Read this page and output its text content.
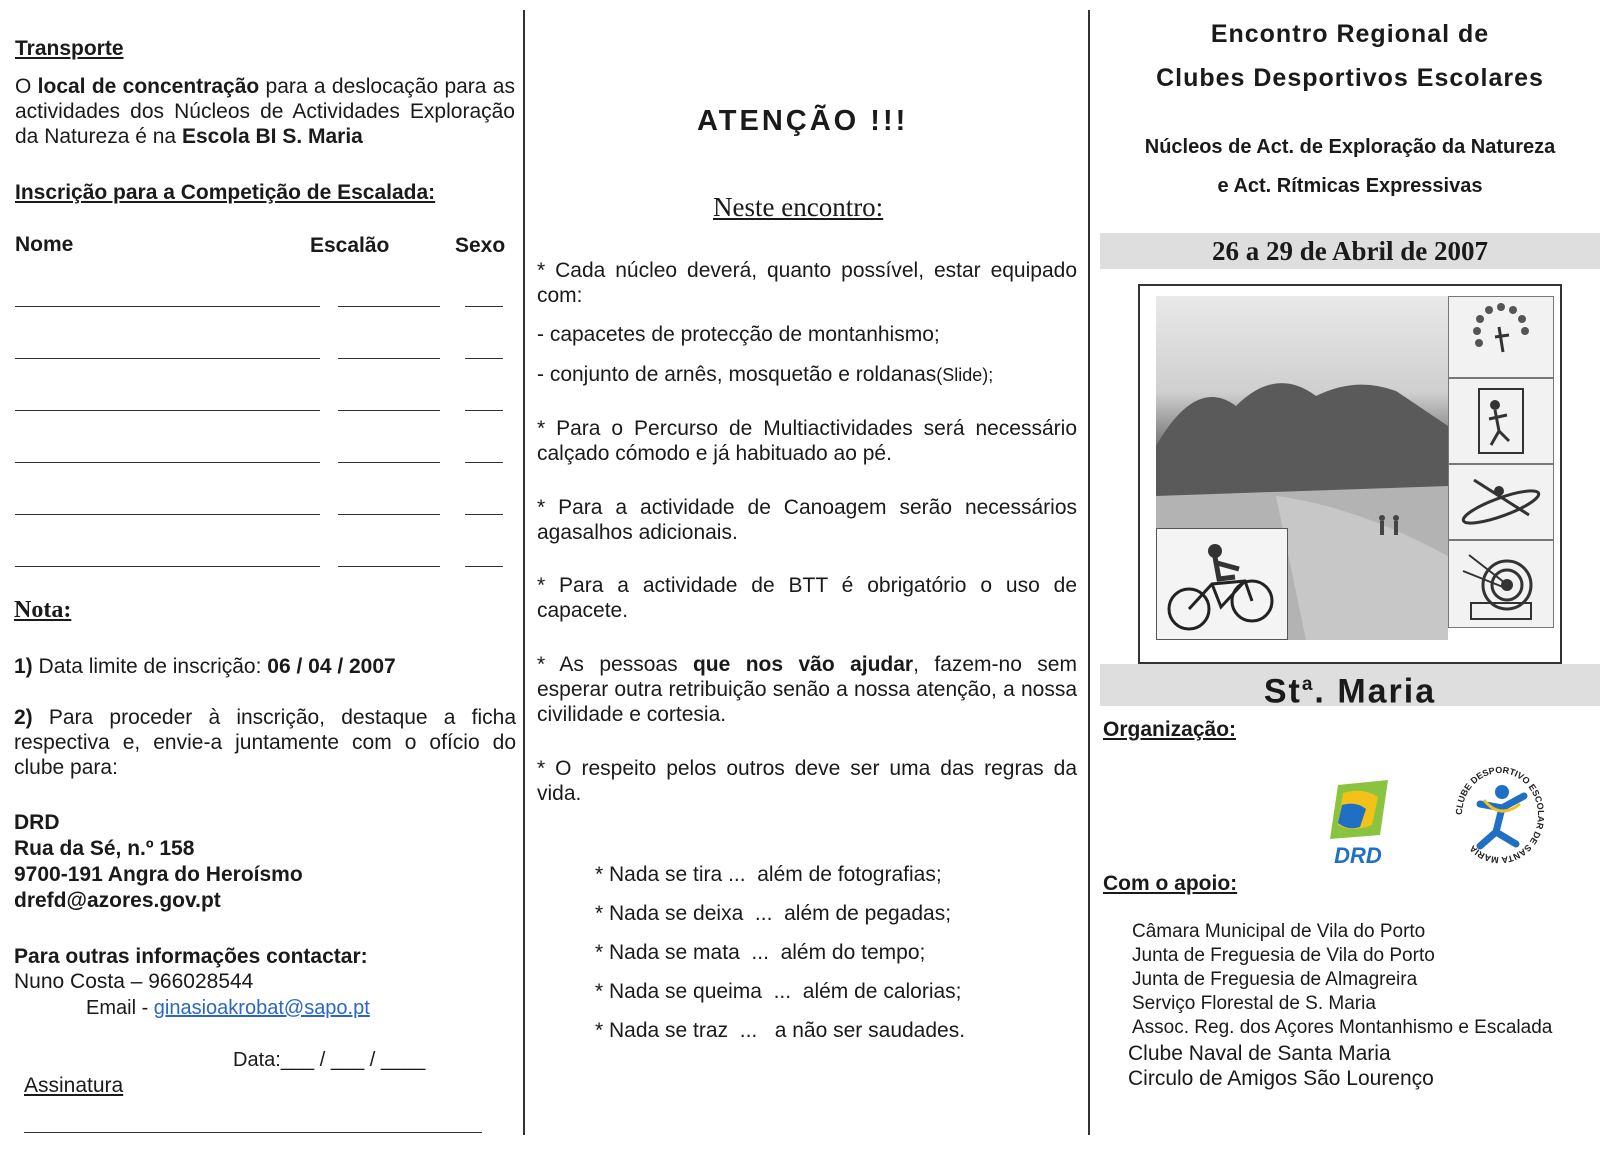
Transporte

O local de concentração para a deslocação para as actividades dos Núcleos de Actividades Exploração da Natureza é na Escola BI S. Maria

Inscrição para a Competição de Escalada:
Nome	Escalão	Sexo
Nota:

1) Data limite de inscrição: 06 / 04 / 2007

2) Para proceder à inscrição, destaque a ficha respectiva e, envie-a juntamente com o ofício do clube para:

DRD
Rua da Sé, n.º 158
9700-191 Angra do Heroísmo
drefd@azores.gov.pt
Para outras informações contactar:
Nuno Costa – 966028544
Email - ginasioakrobat@sapo.pt
Data:___ / ___ / ____
Assinatura
ATENÇÃO !!!
Neste encontro:

* Cada núcleo deverá, quanto possível, estar equipado com:

- capacetes de protecção de montanhismo;

- conjunto de arnês, mosquetão e roldanas(Slide);

* Para o Percurso de Multiactividades será necessário calçado cómodo e já habituado ao pé.

* Para a actividade de Canoagem serão necessários agasalhos adicionais.

* Para a actividade de BTT é obrigatório o uso de capacete.

* As pessoas que nos vão ajudar, fazem-no sem esperar outra retribuição senão a nossa atenção, a nossa civilidade e cortesia.

* O respeito pelos outros deve ser uma das regras da vida.

* Nada se tira ...  além de fotografias;
* Nada se deixa  ...  além de pegadas;
* Nada se mata  ...  além do tempo;
* Nada se queima  ...  além de calorias;
* Nada se traz  ...   a não ser saudades.
Encontro Regional de
Clubes Desportivos Escolares
Núcleos de Act. de Exploração da Natureza
e Act. Rítmicas Expressivas
26 a 29 de Abril de 2007
St$^a$. Maria
Organização:
DRD
CLUBE DESPORTIVO ESCOLAR DE SANTA MARIA
Com o apoio:
Câmara Municipal de Vila do Porto
Junta de Freguesia de Vila do Porto
Junta de Freguesia de Almagreira
Serviço Florestal de S. Maria
Assoc. Reg. dos Açores Montanhismo e Escalada
Clube Naval de Santa Maria
Circulo de Amigos São Lourenço
